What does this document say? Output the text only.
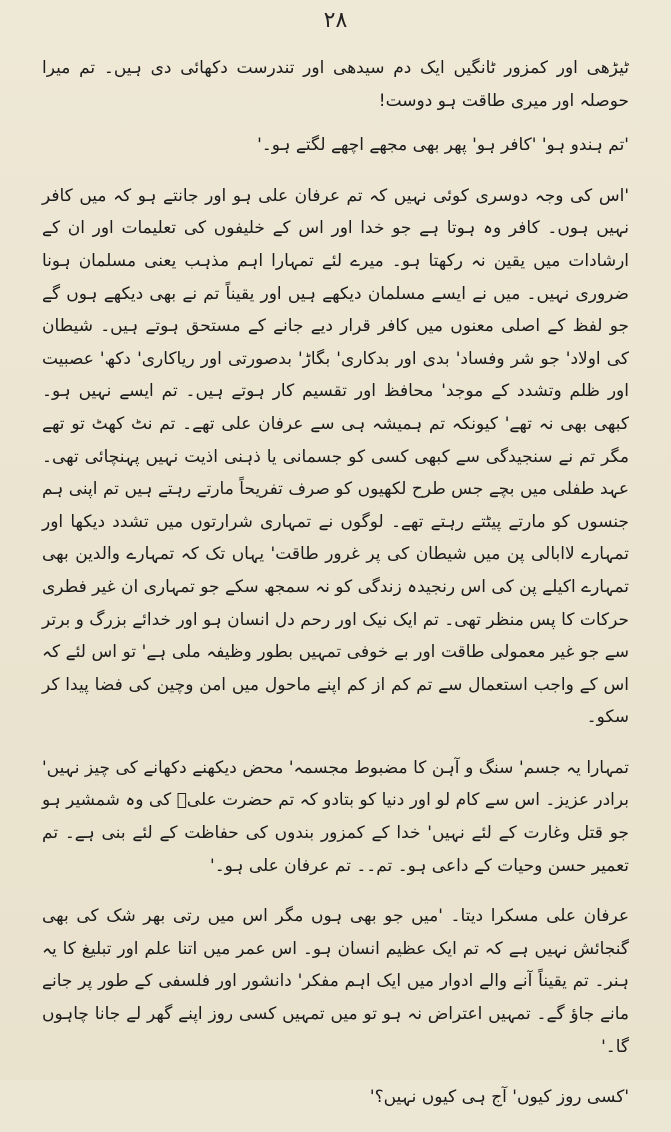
۲۸

ٹیڑھی اور کمزور ٹانگیں ایک دم سیدھی اور تندرست دکھائی دی ہیں۔ تم میرا حوصلہ اور میری طاقت ہو دوست!

'تم ہندو ہو' 'کافر ہو' پھر بھی مجھے اچھے لگتے ہو۔'

'اس کی وجہ دوسری کوئی نہیں کہ تم عرفان علی ہو اور جانتے ہو کہ میں کافر نہیں ہوں۔ کافر وہ ہوتا ہے جو خدا اور اس کے خلیفوں کی تعلیمات اور ان کے ارشادات میں یقین نہ رکھتا ہو۔ میرے لئے تمہارا اہم مذہب یعنی مسلمان ہونا ضروری نہیں۔ میں نے ایسے مسلمان دیکھے ہیں اور یقیناً تم نے بھی دیکھے ہوں گے جو لفظ کے اصلی معنوں میں کافر قرار دیے جانے کے مستحق ہوتے ہیں۔ شیطان کی اولاد' جو شر وفساد' بدی اور بدکاری' بگاڑ' بدصورتی اور ریاکاری' دکھ' عصبیت اور ظلم وتشدد کے موجد' محافظ اور تقسیم کار ہوتے ہیں۔ تم ایسے نہیں ہو۔ کبھی بھی نہ تھے' کیونکہ تم ہمیشہ ہی سے عرفان علی تھے۔ تم نٹ کھٹ تو تھے مگر تم نے سنجیدگی سے کبھی کسی کو جسمانی یا ذہنی اذیت نہیں پہنچائی تھی۔ عہد طفلی میں بچے جس طرح لکھیوں کو صرف تفریحاً مارتے رہتے ہیں تم اپنی ہم جنسوں کو مارتے پیٹتے رہتے تھے۔ لوگوں نے تمہاری شرارتوں میں تشدد دیکھا اور تمہارے لاابالی پن میں شیطان کی پر غرور طاقت' یہاں تک کہ تمہارے والدین بھی تمہارے اکیلے پن کی اس رنجیدہ زندگی کو نہ سمجھ سکے جو تمہاری ان غیر فطری حرکات کا پس منظر تھی۔ تم ایک نیک اور رحم دل انسان ہو اور خدائے بزرگ و برتر سے جو غیر معمولی طاقت اور بے خوفی تمہیں بطور وظیفہ ملی ہے' تو اس لئے کہ اس کے واجب استعمال سے تم کم از کم اپنے ماحول میں امن وچین کی فضا پیدا کر سکو۔

تمہارا یہ جسم' سنگ و آہن کا مضبوط مجسمہ' محض دیکھنے دکھانے کی چیز نہیں' برادر عزیز۔ اس سے کام لو اور دنیا کو بتادو کہ تم حضرت علیؓ کی وہ شمشیر ہو جو قتل وغارت کے لئے نہیں' خدا کے کمزور بندوں کی حفاظت کے لئے بنی ہے۔ تم تعمیر حسن وحیات کے داعی ہو۔ تم۔۔ تم عرفان علی ہو۔'

عرفان علی مسکرا دیتا۔ 'میں جو بھی ہوں مگر اس میں رتی بھر شک کی بھی گنجائش نہیں ہے کہ تم ایک عظیم انسان ہو۔ اس عمر میں اتنا علم اور تبلیغ کا یہ ہنر۔ تم یقیناً آنے والے ادوار میں ایک اہم مفکر' دانشور اور فلسفی کے طور پر جانے مانے جاؤ گے۔ تمہیں اعتراض نہ ہو تو میں تمہیں کسی روز اپنے گھر لے جانا چاہوں گا۔'

'کسی روز کیوں' آج ہی کیوں نہیں؟'
